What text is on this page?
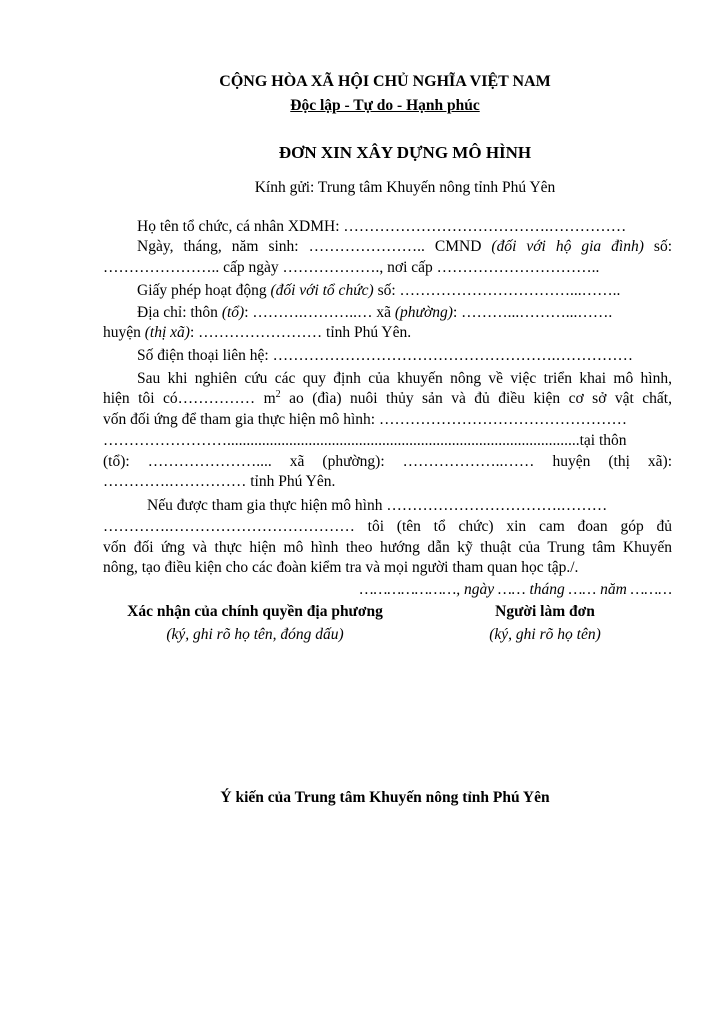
CỘNG HÒA XÃ HỘI CHỦ NGHĨA VIỆT NAM
Độc lập - Tự do - Hạnh phúc
ĐƠN XIN XÂY DỰNG MÔ HÌNH
Kính gửi: Trung tâm Khuyến nông tỉnh Phú Yên
Họ tên tổ chức, cá nhân XDMH: ………………………………….……………
Ngày, tháng, năm sinh: ………………….. CMND (đối với hộ gia đình) số:
………………….. cấp ngày ………………., nơi cấp …………………………..
Giấy phép hoạt động (đối với tổ chức) số: ……………………………...……..
Địa chỉ: thôn (tổ): ……….………..… xã (phường): ………...………...…….
huyện (thị xã): …………………… tỉnh Phú Yên.
Số điện thoại liên hệ: ……………………………………………….……………
Sau khi nghiên cứu các quy định của khuyến nông về việc triển khai mô hình,
hiện tôi có…………… $m^2$ ao (đìa) nuôi thủy sản và đủ điều kiện cơ sở vật chất,
vốn đối ứng để tham gia thực hiện mô hình: …………………………………………
……………………...........................................................................................tại thôn
(tổ): ………………….... xã (phường): ………………..…… huyện (thị xã):
………….…………… tỉnh Phú Yên.
Nếu được tham gia thực hiện mô hình …………………………….………
………….……………………………… tôi (tên tổ chức) xin cam đoan góp đủ
vốn đối ứng và thực hiện mô hình theo hướng dẫn kỹ thuật của Trung tâm Khuyến
nông, tạo điều kiện cho các đoàn kiểm tra và mọi người tham quan học tập./.
…………………, ngày …… tháng …… năm ………
Xác nhận của chính quyền địa phương
(ký, ghi rõ họ tên, đóng dấu)
Người làm đơn
(ký, ghi rõ họ tên)
Ý kiến của Trung tâm Khuyến nông tỉnh Phú Yên
